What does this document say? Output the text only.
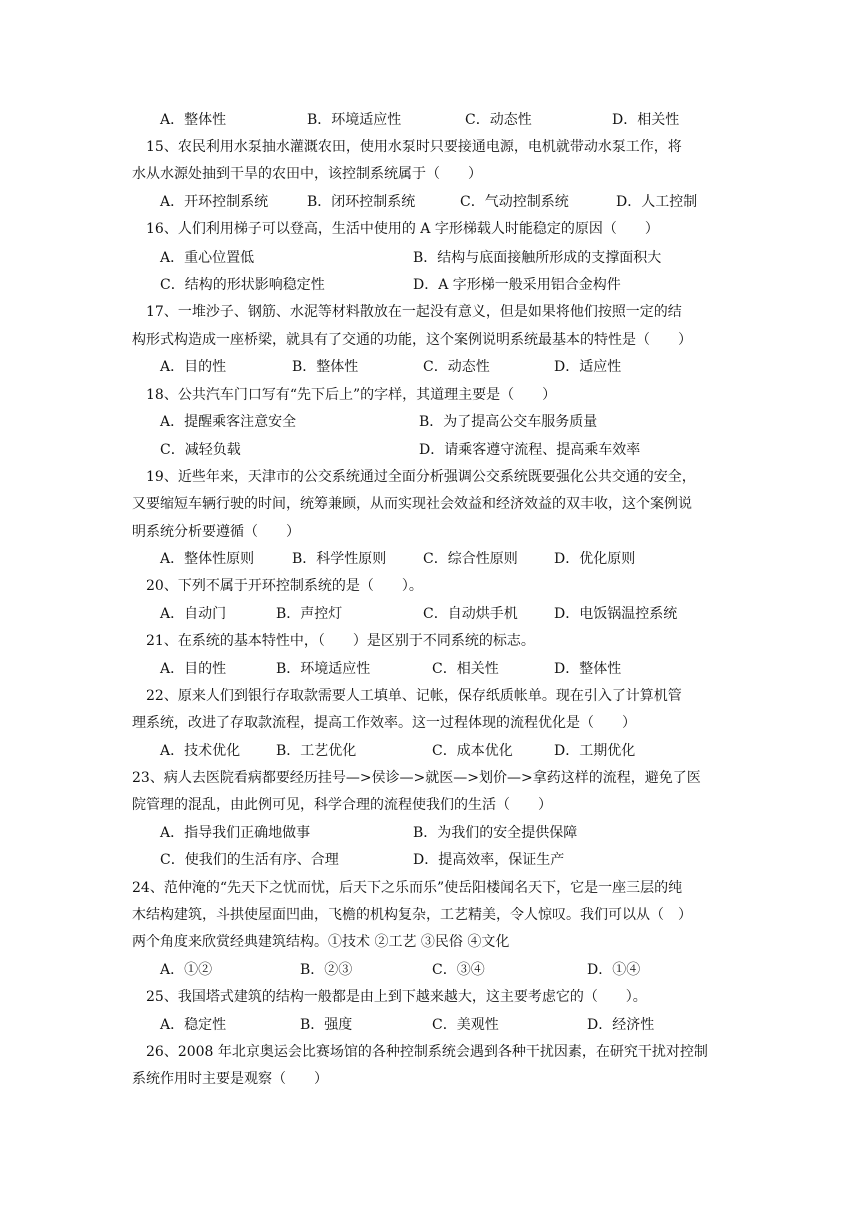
A．整体性	B．环境适应性	C．动态性	D．相关性
15、农民利用水泵抽水灌溉农田，使用水泵时只要接通电源，电机就带动水泵工作，将
水从水源处抽到干旱的农田中，该控制系统属于（　　）
A．开环控制系统	B．闭环控制系统	C．气动控制系统	D．人工控制
16、人们利用梯子可以登高，生活中使用的 A 字形梯载人时能稳定的原因（　　）
A．重心位置低	B．结构与底面接触所形成的支撑面积大
C．结构的形状影响稳定性	D．A 字形梯一般采用铝合金构件
17、一堆沙子、钢筋、水泥等材料散放在一起没有意义，但是如果将他们按照一定的结
构形式构造成一座桥梁，就具有了交通的功能，这个案例说明系统最基本的特性是（　　）
A．目的性	B．整体性	C．动态性	D．适应性
18、公共汽车门口写有“先下后上”的字样，其道理主要是（　　）
A．提醒乘客注意安全	B．为了提高公交车服务质量
C．减轻负载	D．请乘客遵守流程、提高乘车效率
19、近些年来，天津市的公交系统通过全面分析强调公交系统既要强化公共交通的安全，
又要缩短车辆行驶的时间，统筹兼顾，从而实现社会效益和经济效益的双丰收，这个案例说
明系统分析要遵循（　　）
A．整体性原则	B．科学性原则	C．综合性原则	D．优化原则
20、下列不属于开环控制系统的是（　　）。
A．自动门	B．声控灯	C．自动烘手机	D．电饭锅温控系统
21、在系统的基本特性中，（　　）是区别于不同系统的标志。
A．目的性	B．环境适应性	C．相关性	D．整体性
22、原来人们到银行存取款需要人工填单、记帐，保存纸质帐单。现在引入了计算机管
理系统，改进了存取款流程，提高工作效率。这一过程体现的流程优化是（　　）
A．技术优化	B．工艺优化	C．成本优化	D．工期优化
23、病人去医院看病都要经历挂号—>侯诊—>就医—>划价—>拿药这样的流程，避免了医
院管理的混乱，由此例可见，科学合理的流程使我们的生活（　　）
A．指导我们正确地做事	B．为我们的安全提供保障
C．使我们的生活有序、合理	D．提高效率，保证生产
24、范仲淹的“先天下之忧而忧，后天下之乐而乐”使岳阳楼闻名天下，它是一座三层的纯
木结构建筑，斗拱使屋面凹曲，飞檐的机构复杂，工艺精美，令人惊叹。我们可以从（　）
两个角度来欣赏经典建筑结构。①技术 ②工艺 ③民俗 ④文化
A．①②	B．②③	C．③④	D．①④
25、我国塔式建筑的结构一般都是由上到下越来越大，这主要考虑它的（　　）。
A．稳定性	B．强度	C．美观性	D．经济性
26、2008 年北京奥运会比赛场馆的各种控制系统会遇到各种干扰因素，在研究干扰对控制
系统作用时主要是观察（　　）
